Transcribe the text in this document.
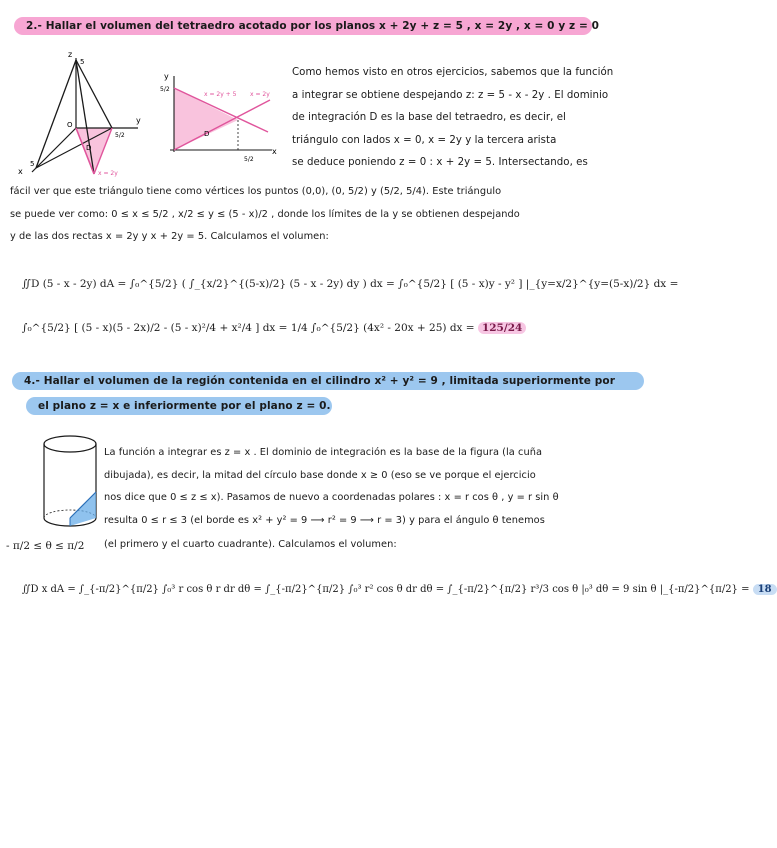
2.- Hallar el volumen del tetraedro acotado por los planos x + 2y + z = 5 , x = 2y , x = 0 y z = 0
z
5
O	y
5/2
x
5
D
x = 2y
y
5/2
x
5/2
x = 2y + 5 x = 2y
D
Como hemos visto en otros ejercicios, sabemos que la función
a integrar se obtiene despejando z: z = 5 - x - 2y . El dominio
de integración D es la base del tetraedro, es decir, el
triángulo con lados x = 0, x = 2y y la tercera arista
se deduce poniendo z = 0 : x + 2y = 5. Intersectando, es
fácil ver que este triángulo tiene como vértices los puntos (0,0), (0, 5/2) y (5/2, 5/4). Este triángulo
se puede ver como: 0 ≤ x ≤ 5/2 , x/2 ≤ y ≤ (5 - x)/2 , donde los límites de la y se obtienen despejando
y de las dos rectas x = 2y y x + 2y = 5. Calculamos el volumen:
∬D (5 - x - 2y) dA = ∫₀^{5/2} ( ∫_{x/2}^{(5-x)/2} (5 - x - 2y) dy ) dx = ∫₀^{5/2} [ (5 - x)y - y² ] |_{y=x/2}^{y=(5-x)/2} dx =
∫₀^{5/2} [ (5 - x)(5 - 2x)/2 - (5 - x)²/4 + x²/4 ] dx = 1/4 ∫₀^{5/2} (4x² - 20x + 25) dx = 125/24
4.- Hallar el volumen de la región contenida en el cilindro x² + y² = 9 , limitada superiormente por
el plano z = x e inferiormente por el plano z = 0.
La función a integrar es z = x . El dominio de integración es la base de la figura (la cuña
dibujada), es decir, la mitad del círculo base donde x ≥ 0 (eso se ve porque el ejercicio
nos dice que 0 ≤ z ≤ x). Pasamos de nuevo a coordenadas polares : x = r cos θ , y = r sin θ
resulta 0 ≤ r ≤ 3 (el borde es x² + y² = 9 ⟶ r² = 9 ⟶ r = 3) y para el ángulo θ tenemos
- π/2 ≤ θ ≤ π/2 (el primero y el cuarto cuadrante). Calculamos el volumen:
∬D x dA = ∫_{-π/2}^{π/2} ∫₀³ r cos θ r dr dθ = ∫_{-π/2}^{π/2} ∫₀³ r² cos θ dr dθ = ∫_{-π/2}^{π/2} r³/3 cos θ |₀³ dθ = 9 sin θ |_{-π/2}^{π/2} = 18
